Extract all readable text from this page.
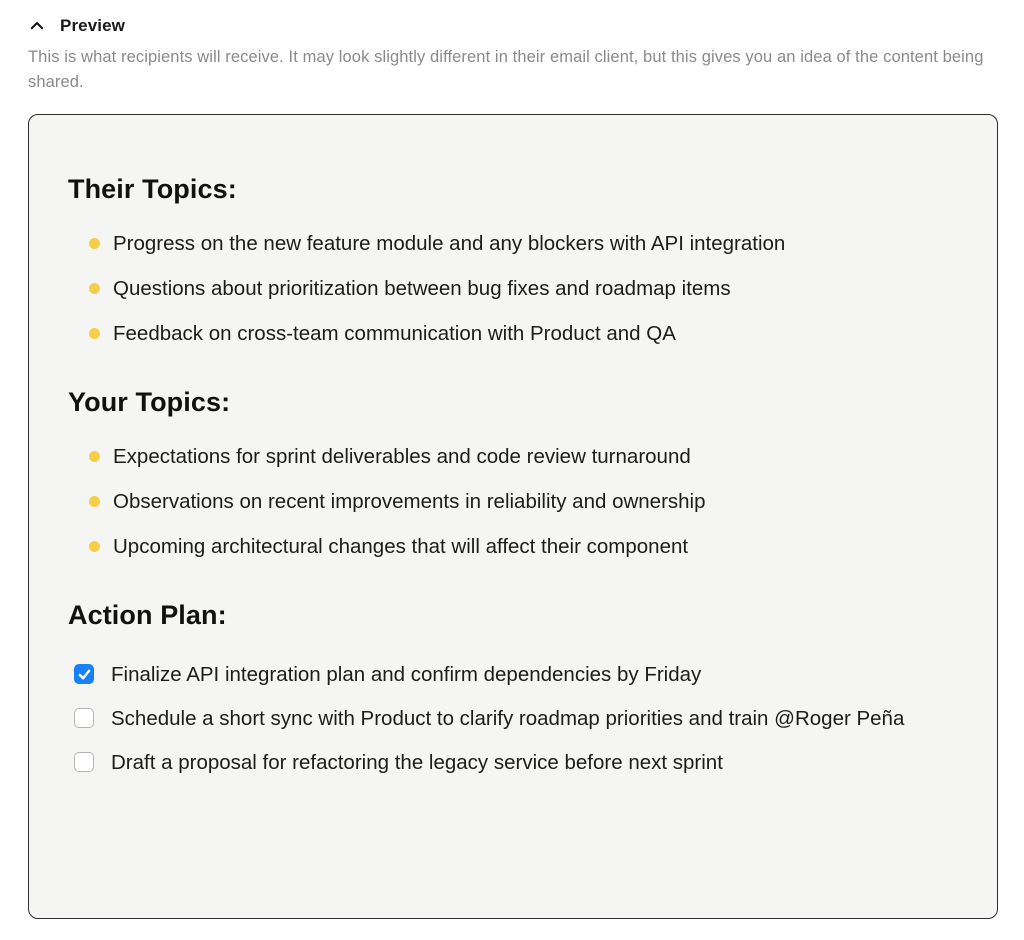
Preview

This is what recipients will receive. It may look slightly different in their email client, but this gives you an idea of the content being shared.

Their Topics:
Progress on the new feature module and any blockers with API integration
Questions about prioritization between bug fixes and roadmap items
Feedback on cross-team communication with Product and QA
Your Topics:
Expectations for sprint deliverables and code review turnaround
Observations on recent improvements in reliability and ownership
Upcoming architectural changes that will affect their component
Action Plan:
Finalize API integration plan and confirm dependencies by Friday
Schedule a short sync with Product to clarify roadmap priorities and train @Roger Peña
Draft a proposal for refactoring the legacy service before next sprint
